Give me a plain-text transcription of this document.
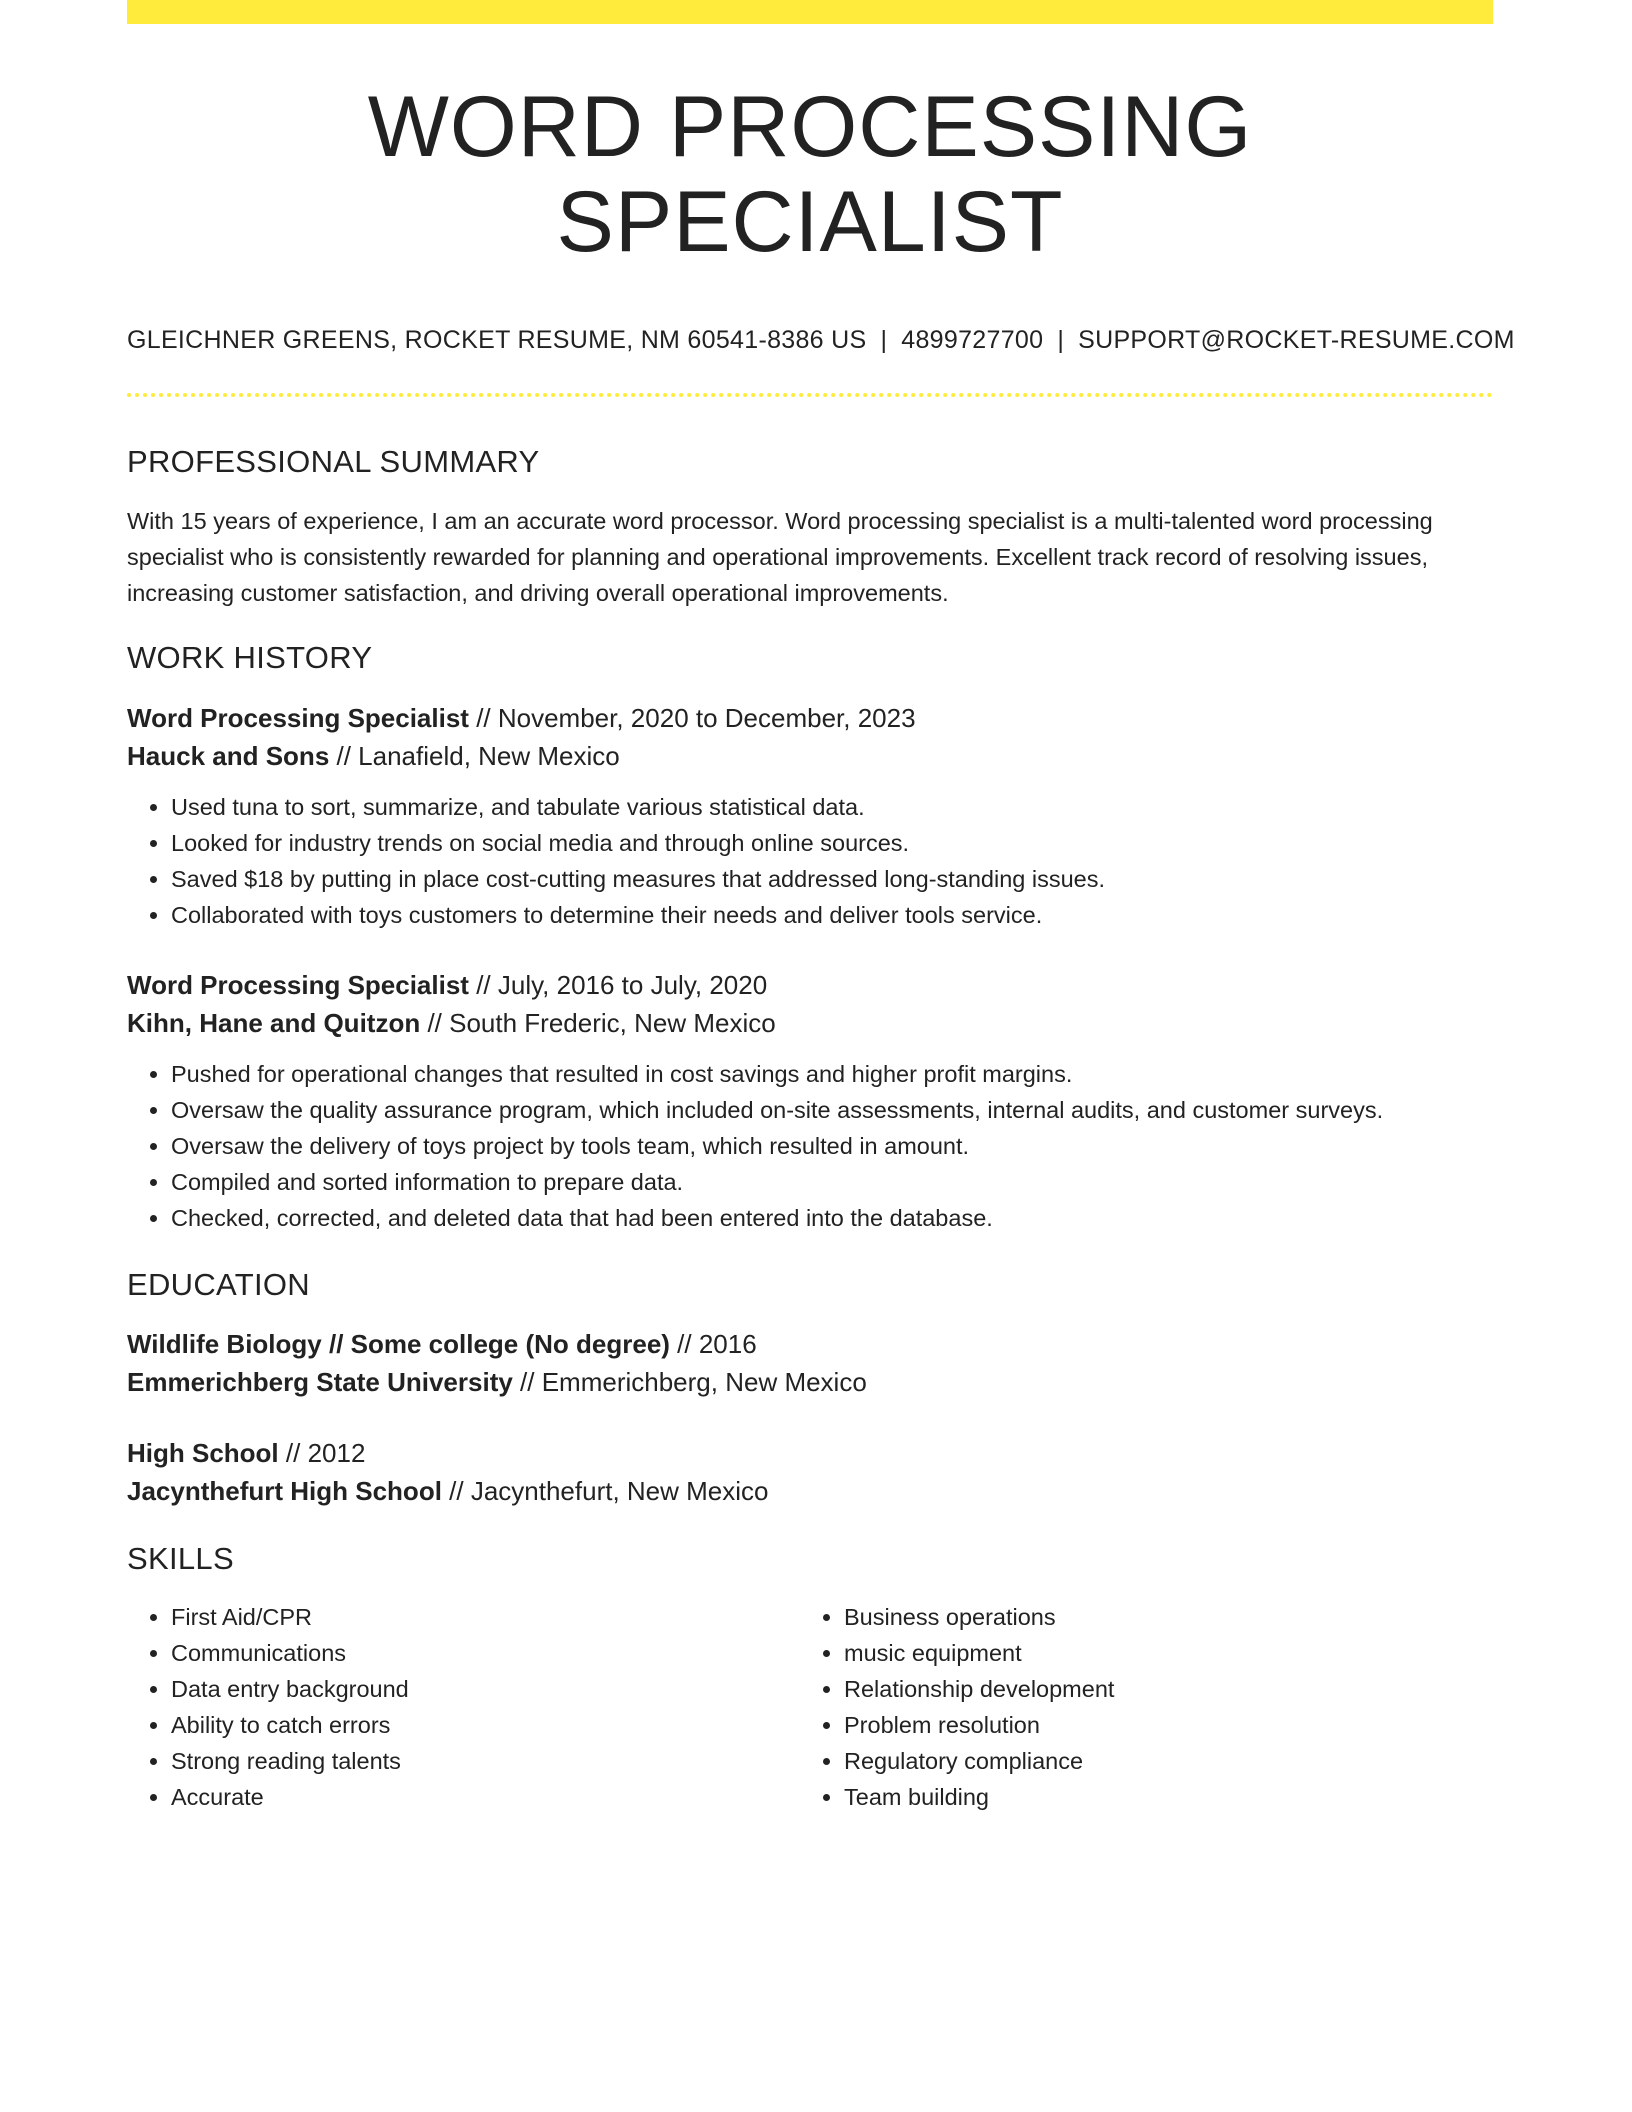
WORD PROCESSING SPECIALIST
GLEICHNER GREENS, ROCKET RESUME, NM 60541-8386 US | 4899727700 | SUPPORT@ROCKET-RESUME.COM
PROFESSIONAL SUMMARY
With 15 years of experience, I am an accurate word processor. Word processing specialist is a multi-talented word processing specialist who is consistently rewarded for planning and operational improvements. Excellent track record of resolving issues, increasing customer satisfaction, and driving overall operational improvements.
WORK HISTORY
Word Processing Specialist // November, 2020 to December, 2023
Hauck and Sons // Lanafield, New Mexico
• Used tuna to sort, summarize, and tabulate various statistical data.
• Looked for industry trends on social media and through online sources.
• Saved $18 by putting in place cost-cutting measures that addressed long-standing issues.
• Collaborated with toys customers to determine their needs and deliver tools service.
Word Processing Specialist // July, 2016 to July, 2020
Kihn, Hane and Quitzon // South Frederic, New Mexico
• Pushed for operational changes that resulted in cost savings and higher profit margins.
• Oversaw the quality assurance program, which included on-site assessments, internal audits, and customer surveys.
• Oversaw the delivery of toys project by tools team, which resulted in amount.
• Compiled and sorted information to prepare data.
• Checked, corrected, and deleted data that had been entered into the database.
EDUCATION
Wildlife Biology // Some college (No degree) // 2016
Emmerichberg State University // Emmerichberg, New Mexico
High School // 2012
Jacynthefurt High School // Jacynthefurt, New Mexico
SKILLS
• First Aid/CPR
• Communications
• Data entry background
• Ability to catch errors
• Strong reading talents
• Accurate
• Business operations
• music equipment
• Relationship development
• Problem resolution
• Regulatory compliance
• Team building
